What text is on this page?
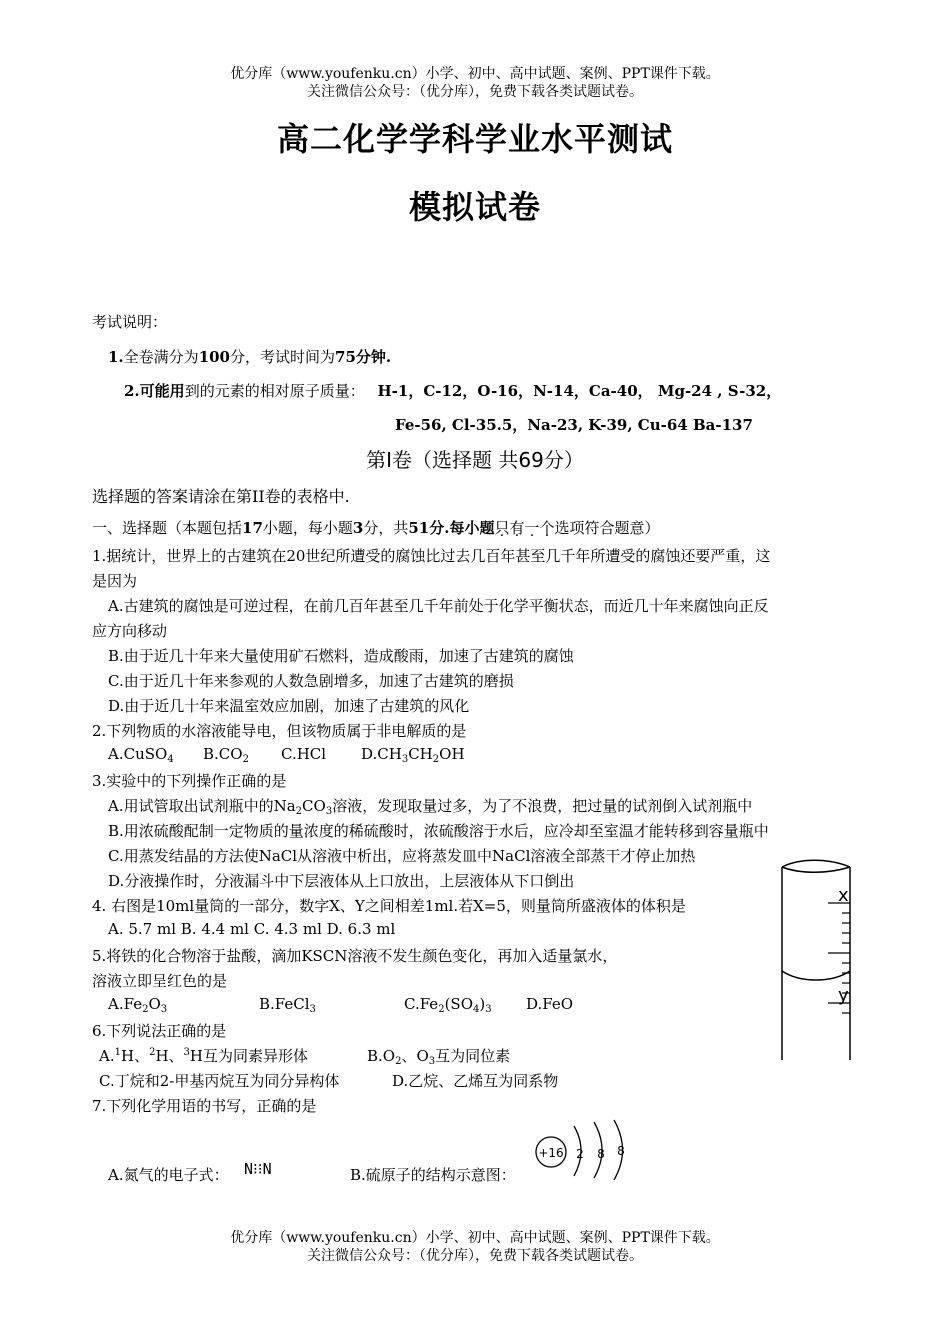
优分库（www.youfenku.cn）小学、初中、高中试题、案例、PPT课件下载。
关注微信公众号：（优分库），免费下载各类试题试卷。
高二化学学科学业水平测试
模拟试卷
考试说明：
1.全卷满分为100分，考试时间为75分钟.
2.可能用到的元素的相对原子质量： H-1，C-12，O-16，N-14，Ca-40， Mg-24 , S-32，
Fe-56, Cl-35.5，Na-23, K-39, Cu-64 Ba-137
第Ⅰ卷（选择题 共69分）
选择题的答案请涂在第II卷的表格中.
一、选择题（本题包括17小题，每小题3分，共51分.每小题只有一个选项符合题意）
1.据统计，世界上的古建筑在20世纪所遭受的腐蚀比过去几百年甚至几千年所遭受的腐蚀还要严重，这
是因为
A.古建筑的腐蚀是可逆过程，在前几百年甚至几千年前处于化学平衡状态，而近几十年来腐蚀向正反
应方向移动
B.由于近几十年来大量使用矿石燃料，造成酸雨，加速了古建筑的腐蚀
C.由于近几十年来参观的人数急剧增多，加速了古建筑的磨损
D.由于近几十年来温室效应加剧，加速了古建筑的风化
2.下列物质的水溶液能导电，但该物质属于非电解质的是
A.CuSO$_4$ $B.CO_2$ C.HCl $D.CH_3CH_2OH$
3.实验中的下列操作正确的是
A.用试管取出试剂瓶中的$Na_2CO_3$溶液，发现取量过多，为了不浪费，把过量的试剂倒入试剂瓶中
B.用浓硫酸配制一定物质的量浓度的稀硫酸时，浓硫酸溶于水后，应冷却至室温才能转移到容量瓶中
C.用蒸发结晶的方法使NaCl从溶液中析出，应将蒸发皿中NaCl溶液全部蒸干才停止加热
D.分液操作时，分液漏斗中下层液体从上口放出，上层液体从下口倒出
4. 右图是10ml量筒的一部分，数字X、Y之间相差1ml.若X=5，则量筒所盛液体的体积是
A. 5.7 ml B. 4.4 ml C. 4.3 ml D. 6.3 ml
x
y
5.将铁的化合物溶于盐酸，滴加KSCN溶液不发生颜色变化，再加入适量氯水，
溶液立即呈红色的是
$A.Fe_2O_3$	B.FeCl$_3$	$C.Fe_2(SO_4)_3$ D.FeO
6.下列说法正确的是
A.$^1$H、$^2$H、$^3$H互为同素异形体	$B.O_2$、$O_3$互为同位素
C.丁烷和2-甲基丙烷互为同分异构体	D.乙烷、乙烯互为同系物
7.下列化学用语的书写，正确的是
A.氮气的电子式： N⁝⁝N	B.硫原子的结构示意图：
+16 2 8 8
优分库（www.youfenku.cn）小学、初中、高中试题、案例、PPT课件下载。
关注微信公众号：（优分库），免费下载各类试题试卷。
